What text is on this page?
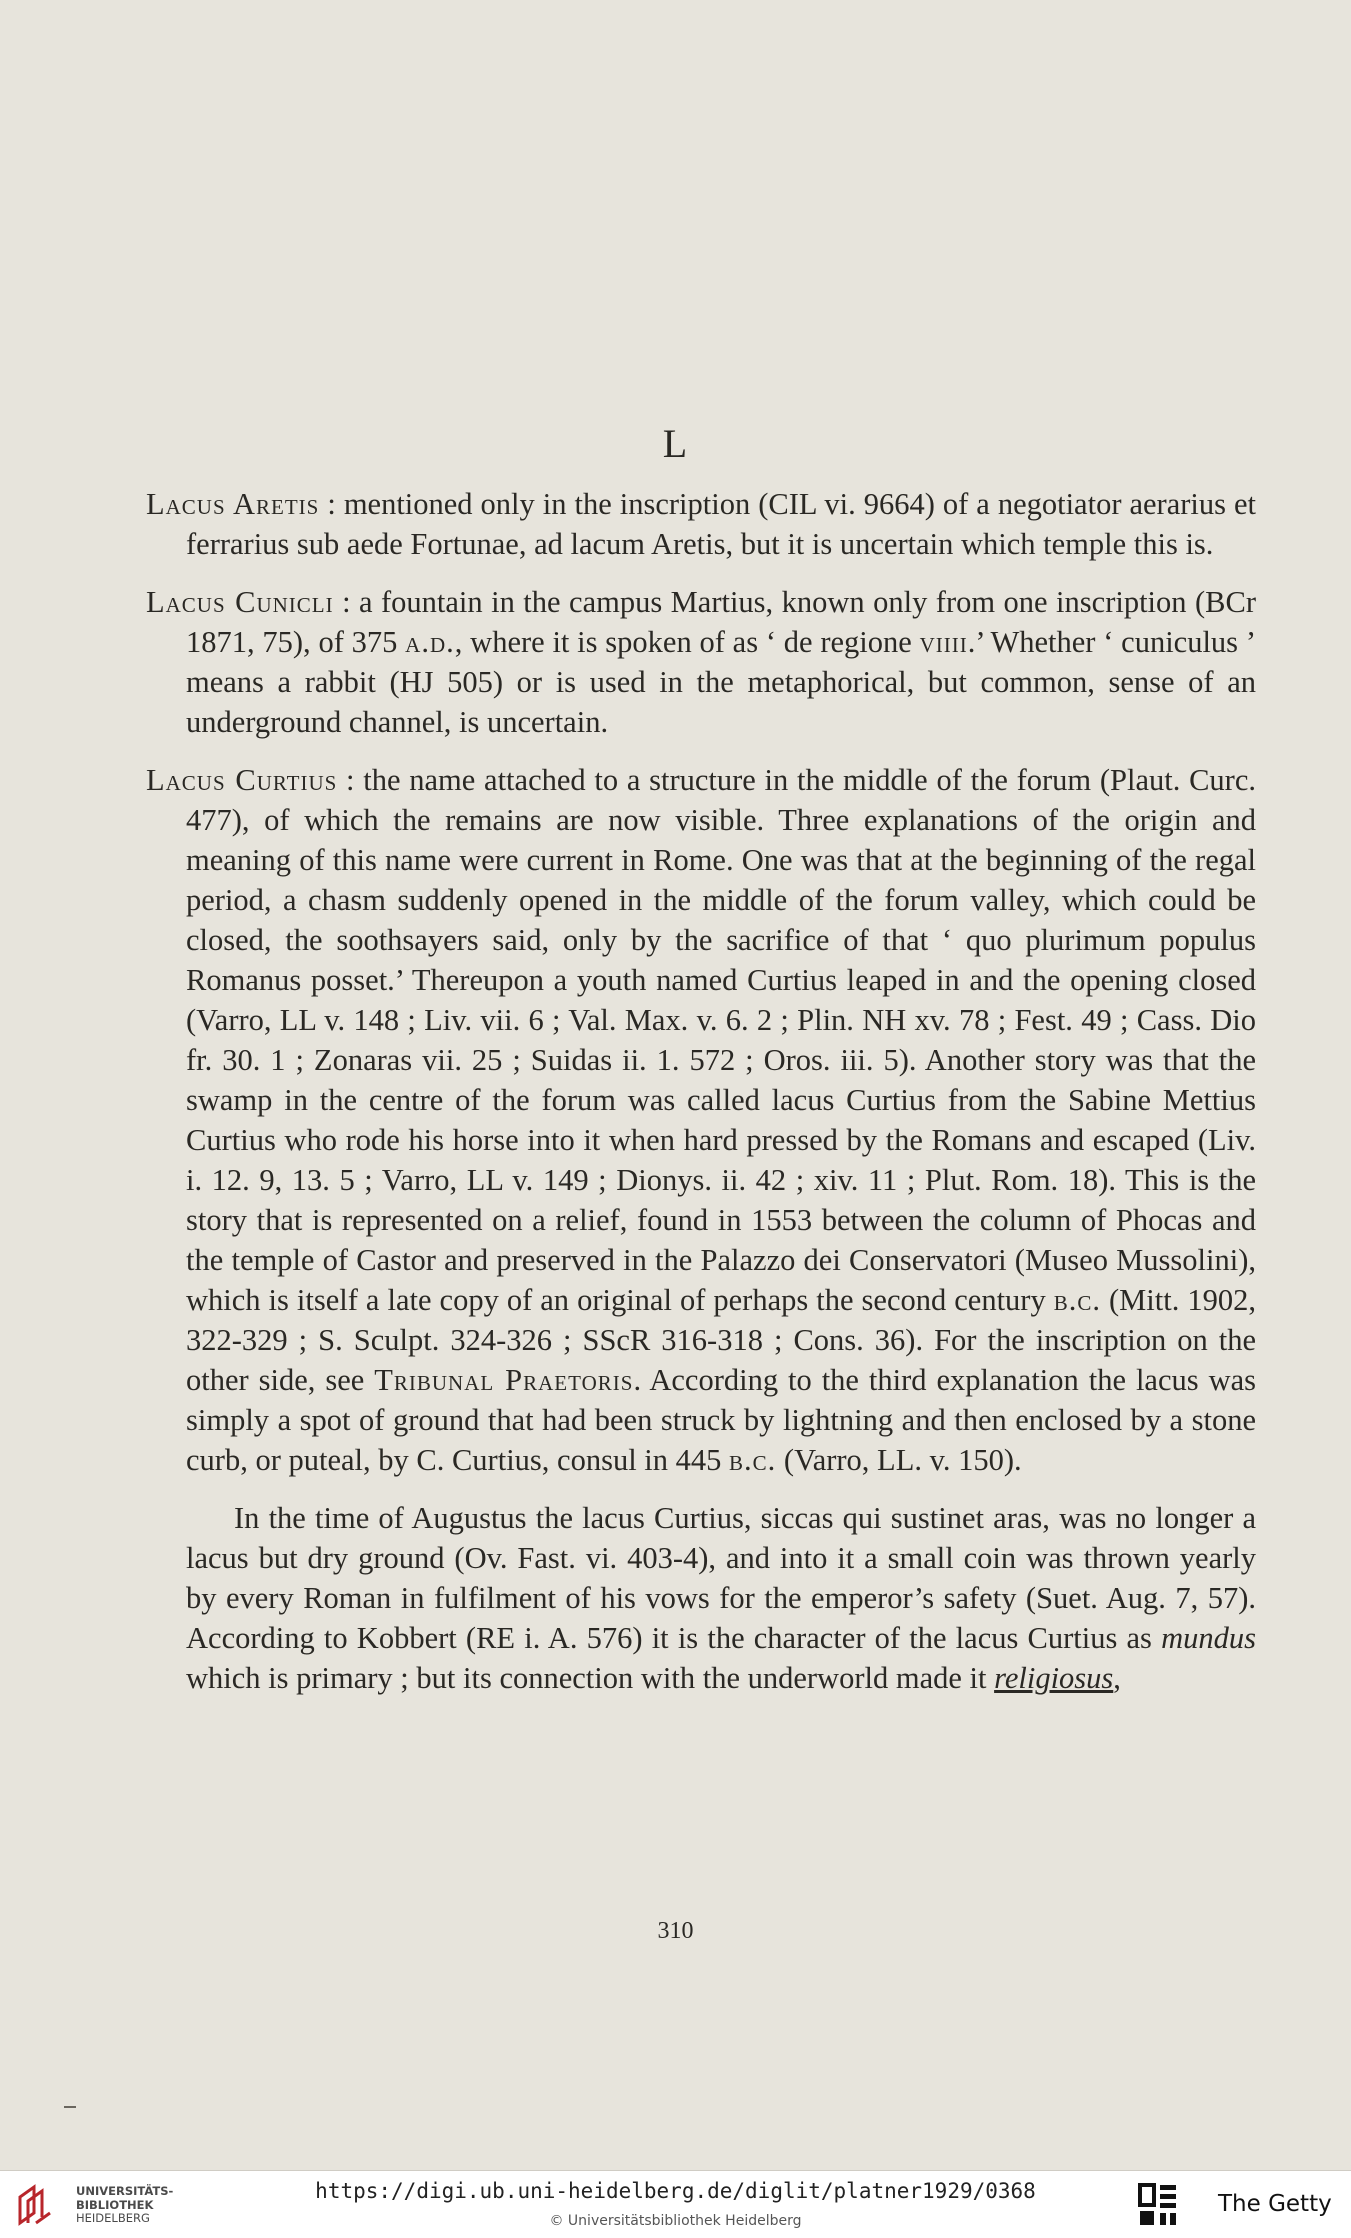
L

Lacus Aretis : mentioned only in the inscription (CIL vi. 9664) of a negotiator aerarius et ferrarius sub aede Fortunae, ad lacum Aretis, but it is uncertain which temple this is.

Lacus Cunicli : a fountain in the campus Martius, known only from one inscription (BCr 1871, 75), of 375 a.d., where it is spoken of as ‘ de regione viiii.’ Whether ‘ cuniculus ’ means a rabbit (HJ 505) or is used in the metaphorical, but common, sense of an underground channel, is uncertain.

Lacus Curtius : the name attached to a structure in the middle of the forum (Plaut. Curc. 477), of which the remains are now visible. Three explanations of the origin and meaning of this name were current in Rome. One was that at the beginning of the regal period, a chasm suddenly opened in the middle of the forum valley, which could be closed, the soothsayers said, only by the sacrifice of that ‘ quo plurimum populus Romanus posset.’ Thereupon a youth named Curtius leaped in and the opening closed (Varro, LL v. 148 ; Liv. vii. 6 ; Val. Max. v. 6. 2 ; Plin. NH xv. 78 ; Fest. 49 ; Cass. Dio fr. 30. 1 ; Zonaras vii. 25 ; Suidas ii. 1. 572 ; Oros. iii. 5). Another story was that the swamp in the centre of the forum was called lacus Curtius from the Sabine Mettius Curtius who rode his horse into it when hard pressed by the Romans and escaped (Liv. i. 12. 9, 13. 5 ; Varro, LL v. 149 ; Dionys. ii. 42 ; xiv. 11 ; Plut. Rom. 18). This is the story that is represented on a relief, found in 1553 between the column of Phocas and the temple of Castor and preserved in the Palazzo dei Conservatori (Museo Mussolini), which is itself a late copy of an original of perhaps the second century b.c. (Mitt. 1902, 322-329 ; S. Sculpt. 324-326 ; SScR 316-318 ; Cons. 36). For the inscription on the other side, see Tribunal Praetoris. According to the third explanation the lacus was simply a spot of ground that had been struck by lightning and then enclosed by a stone curb, or puteal, by C. Curtius, consul in 445 b.c. (Varro, LL. v. 150).

In the time of Augustus the lacus Curtius, siccas qui sustinet aras, was no longer a lacus but dry ground (Ov. Fast. vi. 403-4), and into it a small coin was thrown yearly by every Roman in fulfilment of his vows for the emperor’s safety (Suet. Aug. 7, 57). According to Kobbert (RE i. A. 576) it is the character of the lacus Curtius as mundus which is primary ; but its connection with the underworld made it religiosus,

310
UNIVERSITÄTS-
BIBLIOTHEK
HEIDELBERG
https://digi.ub.uni-heidelberg.de/diglit/platner1929/0368
© Universitätsbibliothek Heidelberg
The Getty
